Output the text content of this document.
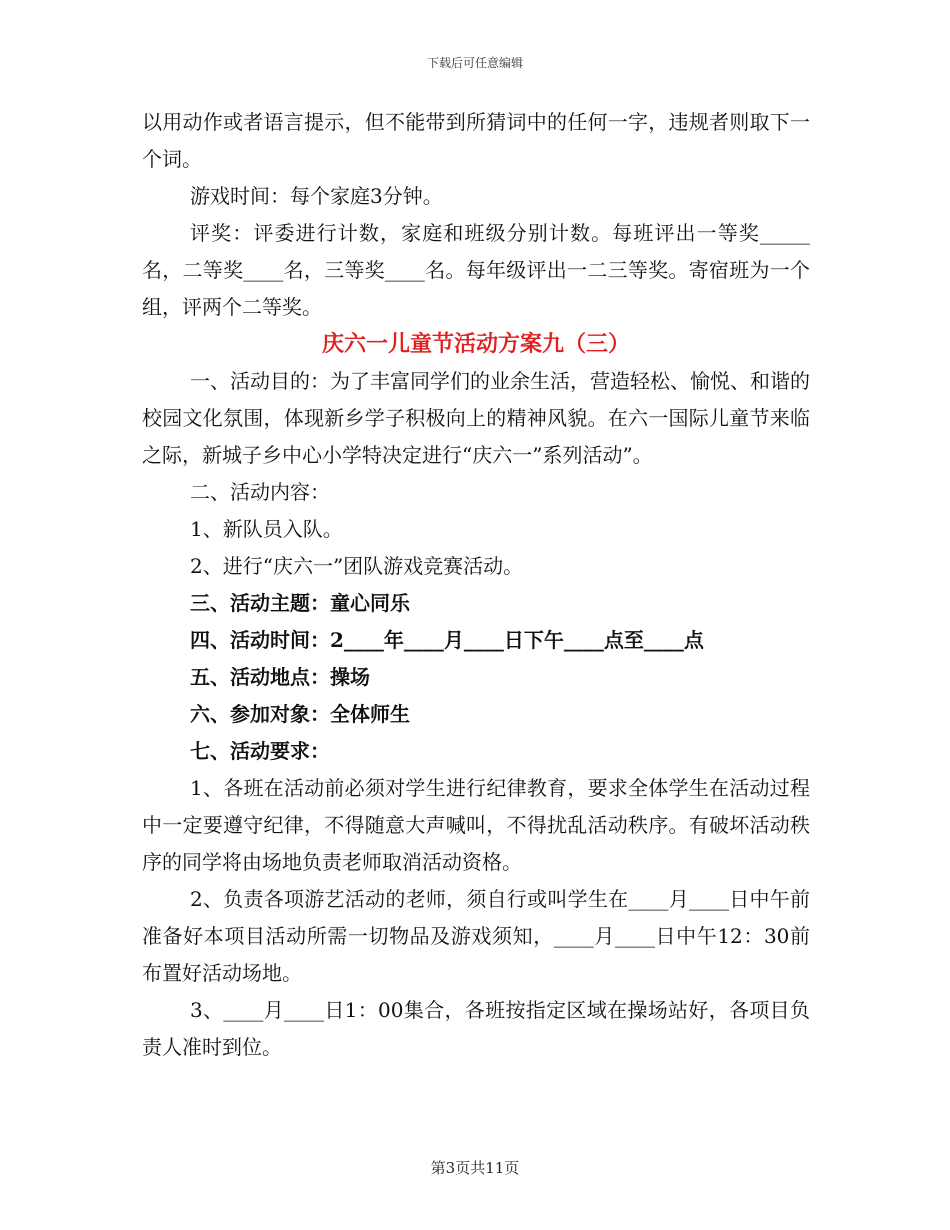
下载后可任意编辑

以用动作或者语言提示，但不能带到所猜词中的任何一字，违规者则取下一个词。

游戏时间：每个家庭3分钟。

评奖：评委进行计数，家庭和班级分别计数。每班评出一等奖_____名，二等奖____名，三等奖____名。每年级评出一二三等奖。寄宿班为一个组，评两个二等奖。

庆六一儿童节活动方案九（三）

一、活动目的：为了丰富同学们的业余生活，营造轻松、愉悦、和谐的校园文化氛围，体现新乡学子积极向上的精神风貌。在六一国际儿童节来临之际，新城子乡中心小学特决定进行“庆六一”系列活动”。

二、活动内容：

1、新队员入队。

2、进行“庆六一”团队游戏竞赛活动。

三、活动主题：童心同乐

四、活动时间：2____年____月____日下午____点至____点

五、活动地点：操场

六、参加对象：全体师生

七、活动要求：

1、各班在活动前必须对学生进行纪律教育，要求全体学生在活动过程中一定要遵守纪律，不得随意大声喊叫，不得扰乱活动秩序。有破坏活动秩序的同学将由场地负责老师取消活动资格。

2、负责各项游艺活动的老师，须自行或叫学生在____月____日中午前准备好本项目活动所需一切物品及游戏须知，____月____日中午12：30前布置好活动场地。

3、____月____日1：00集合，各班按指定区域在操场站好，各项目负责人准时到位。

第3页共11页
